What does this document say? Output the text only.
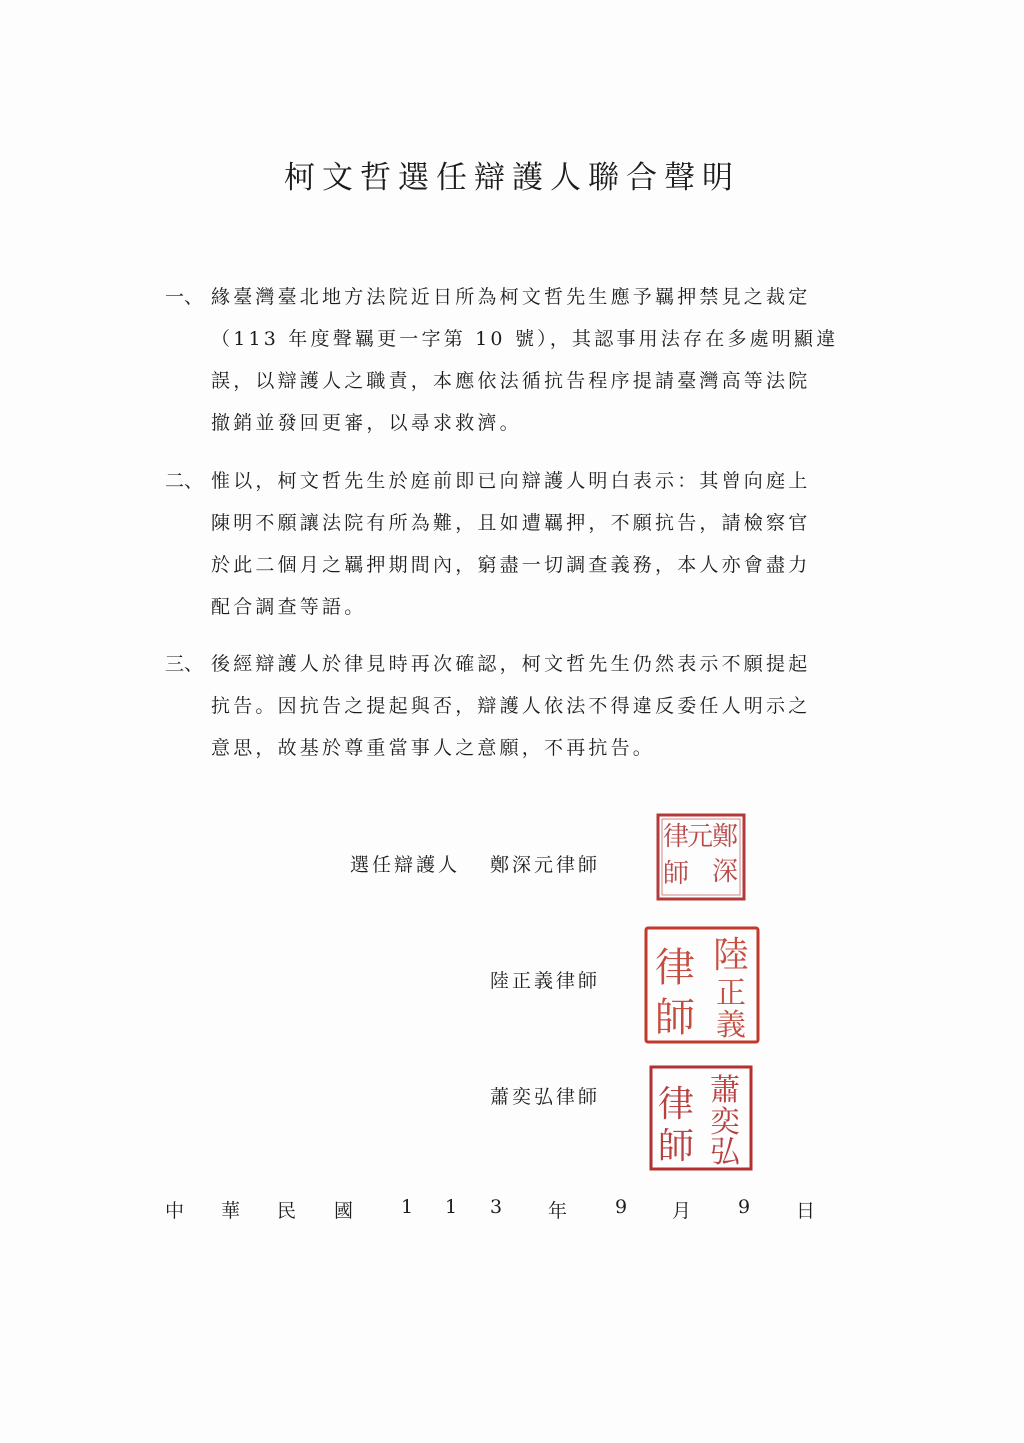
柯文哲選任辯護人聯合聲明
一、 緣臺灣臺北地方法院近日所為柯文哲先生應予羈押禁見之裁定
（113 年度聲羈更一字第 10 號），其認事用法存在多處明顯違
誤，以辯護人之職責，本應依法循抗告程序提請臺灣高等法院
撤銷並發回更審，以尋求救濟。
二、 惟以，柯文哲先生於庭前即已向辯護人明白表示：其曾向庭上
陳明不願讓法院有所為難，且如遭羈押，不願抗告，請檢察官
於此二個月之羈押期間內，窮盡一切調查義務，本人亦會盡力
配合調查等語。
三、 後經辯護人於律見時再次確認，柯文哲先生仍然表示不願提起
抗告。因抗告之提起與否，辯護人依法不得違反委任人明示之
意思，故基於尊重當事人之意願，不再抗告。
選任辯護人 鄭深元律師
陸正義律師
蕭奕弘律師
鄭
深
元
律
師
陸
正
義
律
師
蕭
奕
弘
律
師
中 華 民 國	1 1 3 年	9 月 9 日
